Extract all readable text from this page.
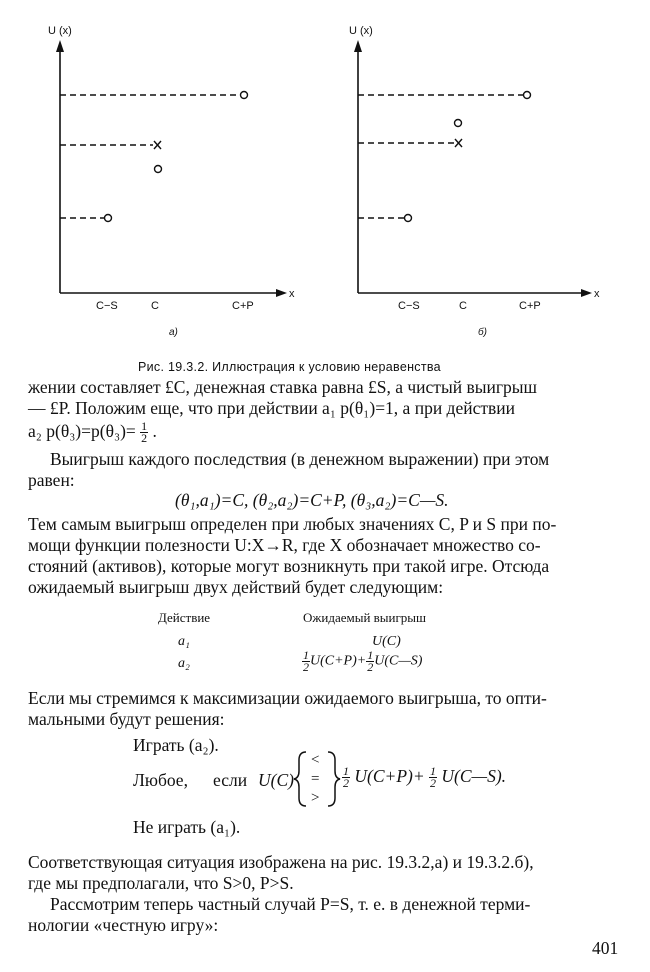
U (x)
x
C−S	C	C+P
a)
U (x)
x
C−S	C	C+P
б)
Рис. 19.3.2. Иллюстрация к условию неравенства
жении составляет £C, денежная ставка равна £S, а чистый выигрыш
— £P. Положим еще, что при действии a₁ p(θ₁)=1, а при действии
a₂ $p(\theta_3)=p(\theta_3)= \frac{1}{2}$ .
Выигрыш каждого последствия (в денежном выражении) при этом
равен:
(θ₁,a₁)=C, (θ₂,a₂)=C+P, (θ₃,a₂)=C—S.
Тем самым выигрыш определен при любых значениях C, P и S при по-
мощи функции полезности U:X→R, где X обозначает множество со-
стояний (активов), которые могут возникнуть при такой игре. Отсюда
ожидаемый выигрыш двух действий будет следующим:
Действие	Ожидаемый выигрыш
a₁	U(C)
a₂	$\frac{1}{2} U(C+P)+ \frac{1}{2}$ U(C—S)
Если мы стремимся к максимизации ожидаемого выигрыша, то опти-
мальными будут решения:
Играть (a₂).
Любое, если U(C)
<
=
>
$\frac{1}{2} U(C+P)+ \frac{1}{2}$ U(C—S).
Не играть (a₁).
Соответствующая ситуация изображена на рис. 19.3.2,а) и 19.3.2.б),
где мы предполагали, что S>0, P>S.
Рассмотрим теперь частный случай P=S, т. е. в денежной терми-
нологии «честную игру»:
401
